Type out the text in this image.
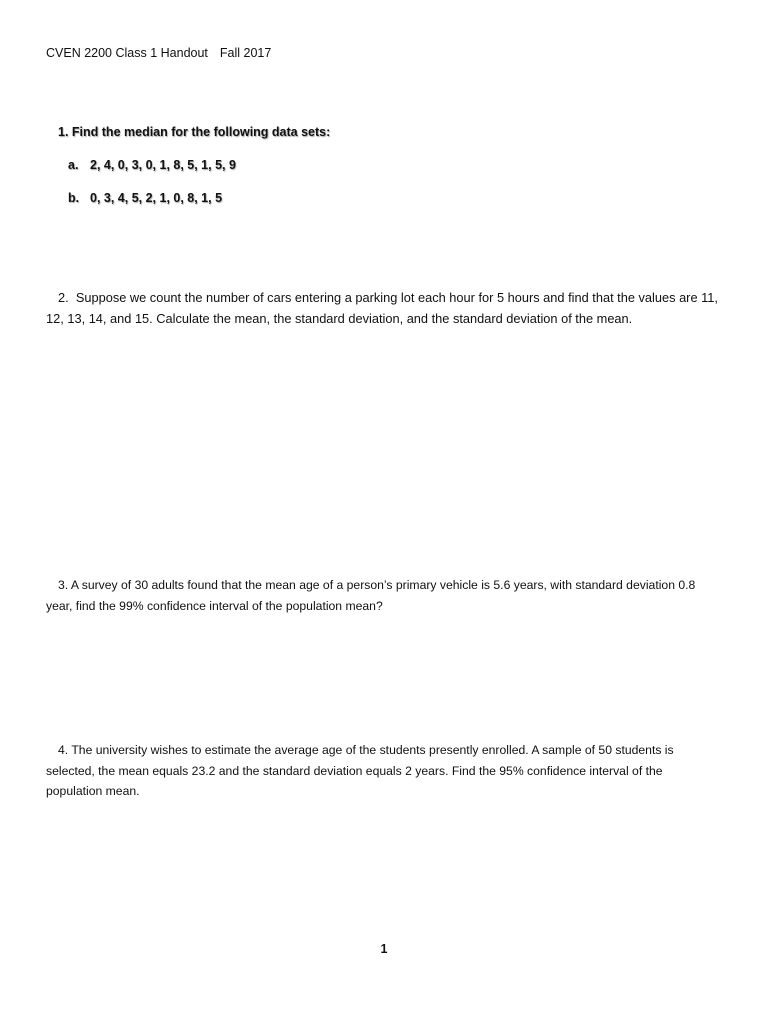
CVEN 2200 Class 1 Handout Fall 2017
1. Find the median for the following data sets:
a. 2, 4, 0, 3, 0, 1, 8, 5, 1, 5, 9
b. 0, 3, 4, 5, 2, 1, 0, 8, 1, 5
2. Suppose we count the number of cars entering a parking lot each hour for 5 hours and find that the values are 11, 12, 13, 14, and 15. Calculate the mean, the standard deviation, and the standard deviation of the mean.
3. A survey of 30 adults found that the mean age of a person’s primary vehicle is 5.6 years, with standard deviation 0.8 year, find the 99% confidence interval of the population mean?
4. The university wishes to estimate the average age of the students presently enrolled. A sample of 50 students is selected, the mean equals 23.2 and the standard deviation equals 2 years. Find the 95% confidence interval of the population mean.
1
